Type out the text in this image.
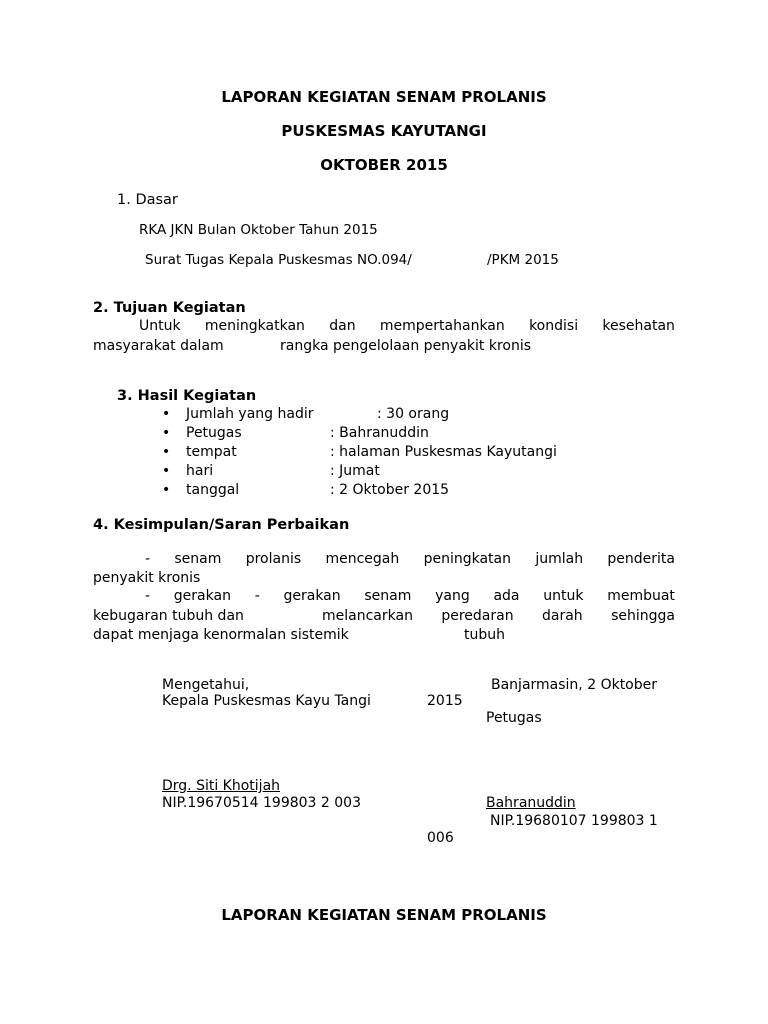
LAPORAN KEGIATAN SENAM PROLANIS
PUSKESMAS KAYUTANGI
OKTOBER 2015
1. Dasar
RKA JKN Bulan Oktober Tahun 2015
Surat Tugas Kepala Puskesmas NO.094/	/PKM 2015
2. Tujuan Kegiatan
Untuk meningkatkan dan mempertahankan kondisi kesehatan
masyarakat dalam	rangka pengelolaan penyakit kronis
3. Hasil Kegiatan
• Jumlah yang hadir	: 30 orang
• Petugas	: Bahranuddin
• tempat	: halaman Puskesmas Kayutangi
• hari	: Jumat
• tanggal	: 2 Oktober 2015
4. Kesimpulan/Saran Perbaikan
- senam prolanis mencegah peningkatan jumlah penderita
penyakit kronis
- gerakan - gerakan senam yang ada untuk membuat
kebugaran tubuh dan	melancarkan peredaran darah sehingga
dapat menjaga kenormalan sistemik	tubuh
Mengetahui,	Banjarmasin, 2 Oktober
Kepala Puskesmas Kayu Tangi	2015
Petugas
Drg. Siti Khotijah
NIP.19670514 199803 2 003	Bahranuddin
NIP.19680107 199803 1
006
LAPORAN KEGIATAN SENAM PROLANIS
